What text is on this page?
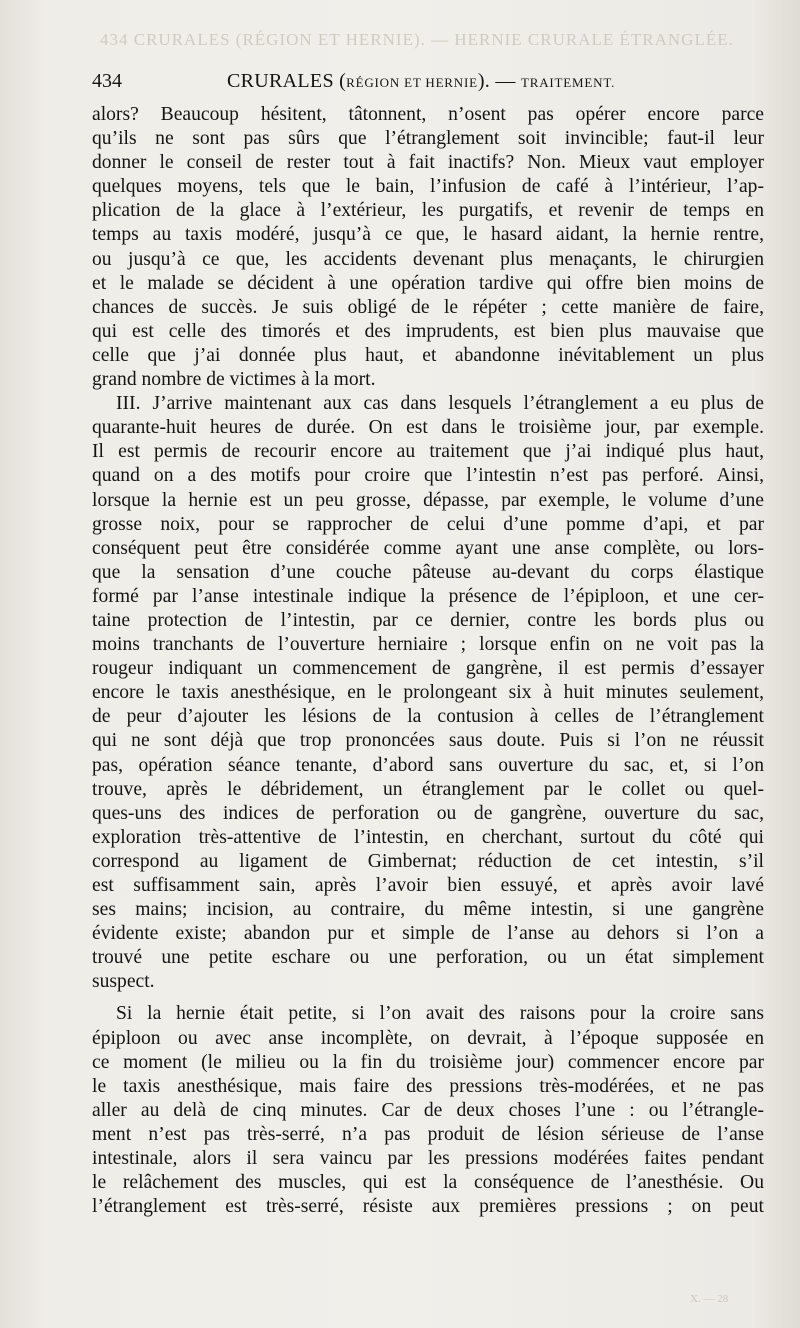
434 CRURALES (RÉGION ET HERNIE). — HERNIE CRURALE ÉTRANGLÉE.
X. — 28
434	CRURALES (RÉGION ET HERNIE). — TRAITEMENT.
alors? Beaucoup hésitent, tâtonnent, n’osent pas opérer encore parce
qu’ils ne sont pas sûrs que l’étranglement soit invincible; faut-il leur
donner le conseil de rester tout à fait inactifs? Non. Mieux vaut employer
quelques moyens, tels que le bain, l’infusion de café à l’intérieur, l’ap-
plication de la glace à l’extérieur, les purgatifs, et revenir de temps en
temps au taxis modéré, jusqu’à ce que, le hasard aidant, la hernie rentre,
ou jusqu’à ce que, les accidents devenant plus menaçants, le chirurgien
et le malade se décident à une opération tardive qui offre bien moins de
chances de succès. Je suis obligé de le répéter ; cette manière de faire,
qui est celle des timorés et des imprudents, est bien plus mauvaise que
celle que j’ai donnée plus haut, et abandonne inévitablement un plus
grand nombre de victimes à la mort.
III. J’arrive maintenant aux cas dans lesquels l’étranglement a eu plus de
quarante-huit heures de durée. On est dans le troisième jour, par exemple.
Il est permis de recourir encore au traitement que j’ai indiqué plus haut,
quand on a des motifs pour croire que l’intestin n’est pas perforé. Ainsi,
lorsque la hernie est un peu grosse, dépasse, par exemple, le volume d’une
grosse noix, pour se rapprocher de celui d’une pomme d’api, et par
conséquent peut être considérée comme ayant une anse complète, ou lors-
que la sensation d’une couche pâteuse au-devant du corps élastique
formé par l’anse intestinale indique la présence de l’épiploon, et une cer-
taine protection de l’intestin, par ce dernier, contre les bords plus ou
moins tranchants de l’ouverture herniaire ; lorsque enfin on ne voit pas la
rougeur indiquant un commencement de gangrène, il est permis d’essayer
encore le taxis anesthésique, en le prolongeant six à huit minutes seulement,
de peur d’ajouter les lésions de la contusion à celles de l’étranglement
qui ne sont déjà que trop prononcées saus doute. Puis si l’on ne réussit
pas, opération séance tenante, d’abord sans ouverture du sac, et, si l’on
trouve, après le débridement, un étranglement par le collet ou quel-
ques-uns des indices de perforation ou de gangrène, ouverture du sac,
exploration très-attentive de l’intestin, en cherchant, surtout du côté qui
correspond au ligament de Gimbernat; réduction de cet intestin, s’il
est suffisamment sain, après l’avoir bien essuyé, et après avoir lavé
ses mains; incision, au contraire, du même intestin, si une gangrène
évidente existe; abandon pur et simple de l’anse au dehors si l’on a
trouvé une petite eschare ou une perforation, ou un état simplement
suspect.
Si la hernie était petite, si l’on avait des raisons pour la croire sans
épiploon ou avec anse incomplète, on devrait, à l’époque supposée en
ce moment (le milieu ou la fin du troisième jour) commencer encore par
le taxis anesthésique, mais faire des pressions très-modérées, et ne pas
aller au delà de cinq minutes. Car de deux choses l’une : ou l’étrangle-
ment n’est pas très-serré, n’a pas produit de lésion sérieuse de l’anse
intestinale, alors il sera vaincu par les pressions modérées faites pendant
le relâchement des muscles, qui est la conséquence de l’anesthésie. Ou
l’étranglement est très-serré, résiste aux premières pressions ; on peut
